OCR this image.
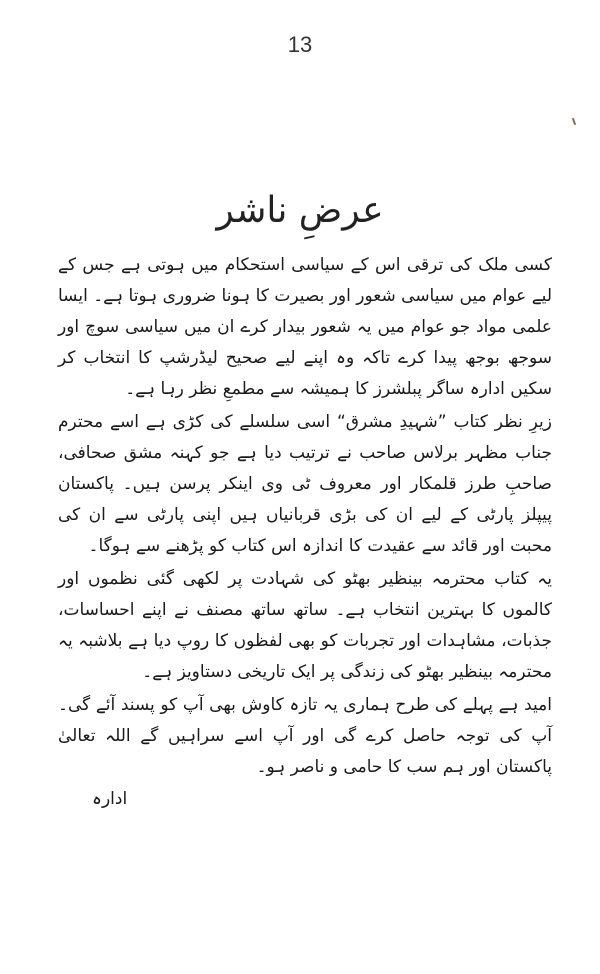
13
عرضِ ناشر

کسی ملک کی ترقی اس کے سیاسی استحکام میں ہوتی ہے جس کے لیے عوام میں سیاسی شعور اور بصیرت کا ہونا ضروری ہوتا ہے۔ ایسا علمی مواد جو عوام میں یہ شعور بیدار کرے ان میں سیاسی سوچ اور سوجھ بوجھ پیدا کرے تاکہ وہ اپنے لیے صحیح لیڈرشپ کا انتخاب کر سکیں ادارہ ساگر پبلشرز کا ہمیشہ سے مطمعِ نظر رہا ہے۔

زیرِ نظر کتاب ”شہیدِ مشرق“ اسی سلسلے کی کڑی ہے اسے محترم جناب مظہر برلاس صاحب نے ترتیب دیا ہے جو کہنہ مشق صحافی، صاحبِ طرز قلمکار اور معروف ٹی وی اینکر پرسن ہیں۔ پاکستان پیپلز پارٹی کے لیے ان کی بڑی قربانیاں ہیں اپنی پارٹی سے ان کی محبت اور قائد سے عقیدت کا اندازہ اس کتاب کو پڑھنے سے ہوگا۔

یہ کتاب محترمہ بینظیر بھٹو کی شہادت پر لکھی گئی نظموں اور کالموں کا بہترین انتخاب ہے۔ ساتھ ساتھ مصنف نے اپنے احساسات، جذبات، مشاہدات اور تجربات کو بھی لفظوں کا روپ دیا ہے بلاشبہ یہ محترمہ بینظیر بھٹو کی زندگی پر ایک تاریخی دستاویز ہے۔

امید ہے پہلے کی طرح ہماری یہ تازہ کاوش بھی آپ کو پسند آئے گی۔ آپ کی توجہ حاصل کرے گی اور آپ اسے سراہیں گے اللہ تعالیٰ پاکستان اور ہم سب کا حامی و ناصر ہو۔

ادارہ
